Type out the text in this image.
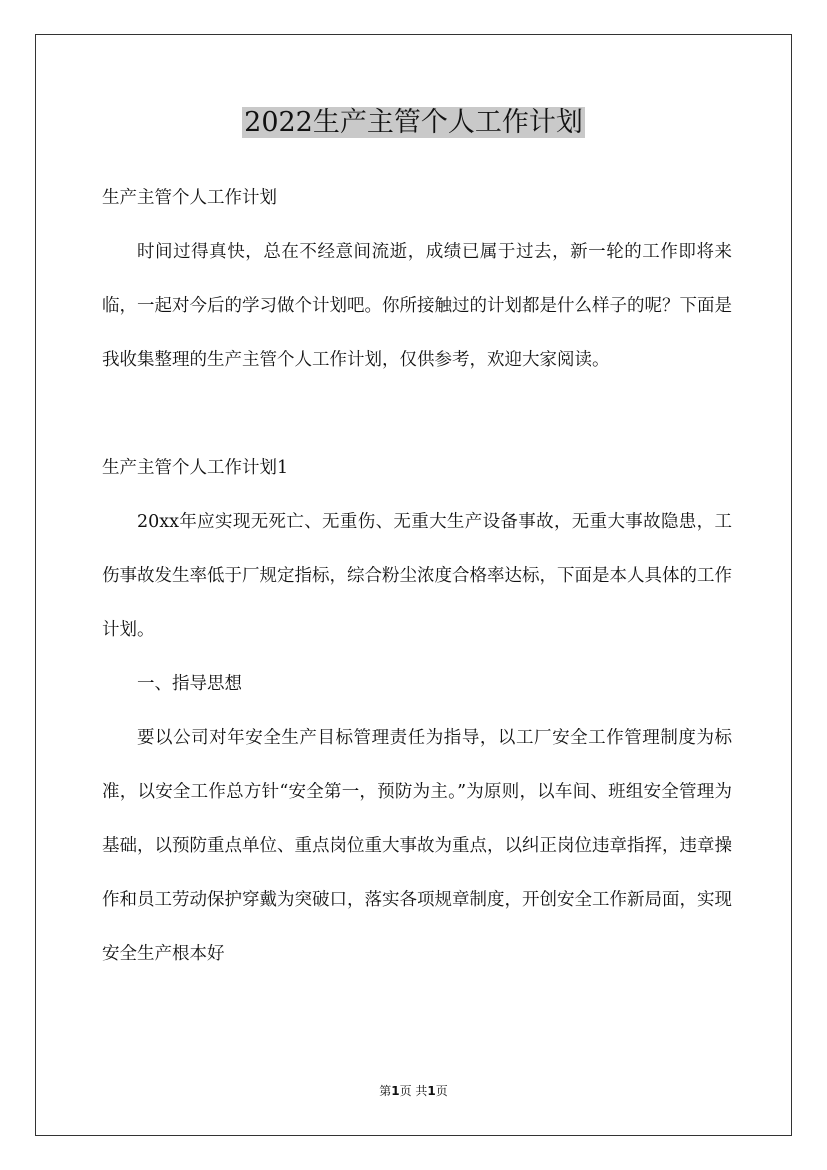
2022生产主管个人工作计划

生产主管个人工作计划

时间过得真快，总在不经意间流逝，成绩已属于过去，新一轮的工作即将来临，一起对今后的学习做个计划吧。你所接触过的计划都是什么样子的呢？下面是我收集整理的生产主管个人工作计划，仅供参考，欢迎大家阅读。

生产主管个人工作计划1

20xx年应实现无死亡、无重伤、无重大生产设备事故，无重大事故隐患，工伤事故发生率低于厂规定指标，综合粉尘浓度合格率达标，下面是本人具体的工作计划。

一、指导思想

要以公司对年安全生产目标管理责任为指导，以工厂安全工作管理制度为标准，以安全工作总方针“安全第一，预防为主。”为原则，以车间、班组安全管理为基础，以预防重点单位、重点岗位重大事故为重点，以纠正岗位违章指挥，违章操作和员工劳动保护穿戴为突破口，落实各项规章制度，开创安全工作新局面，实现安全生产根本好

第1页 共1页
